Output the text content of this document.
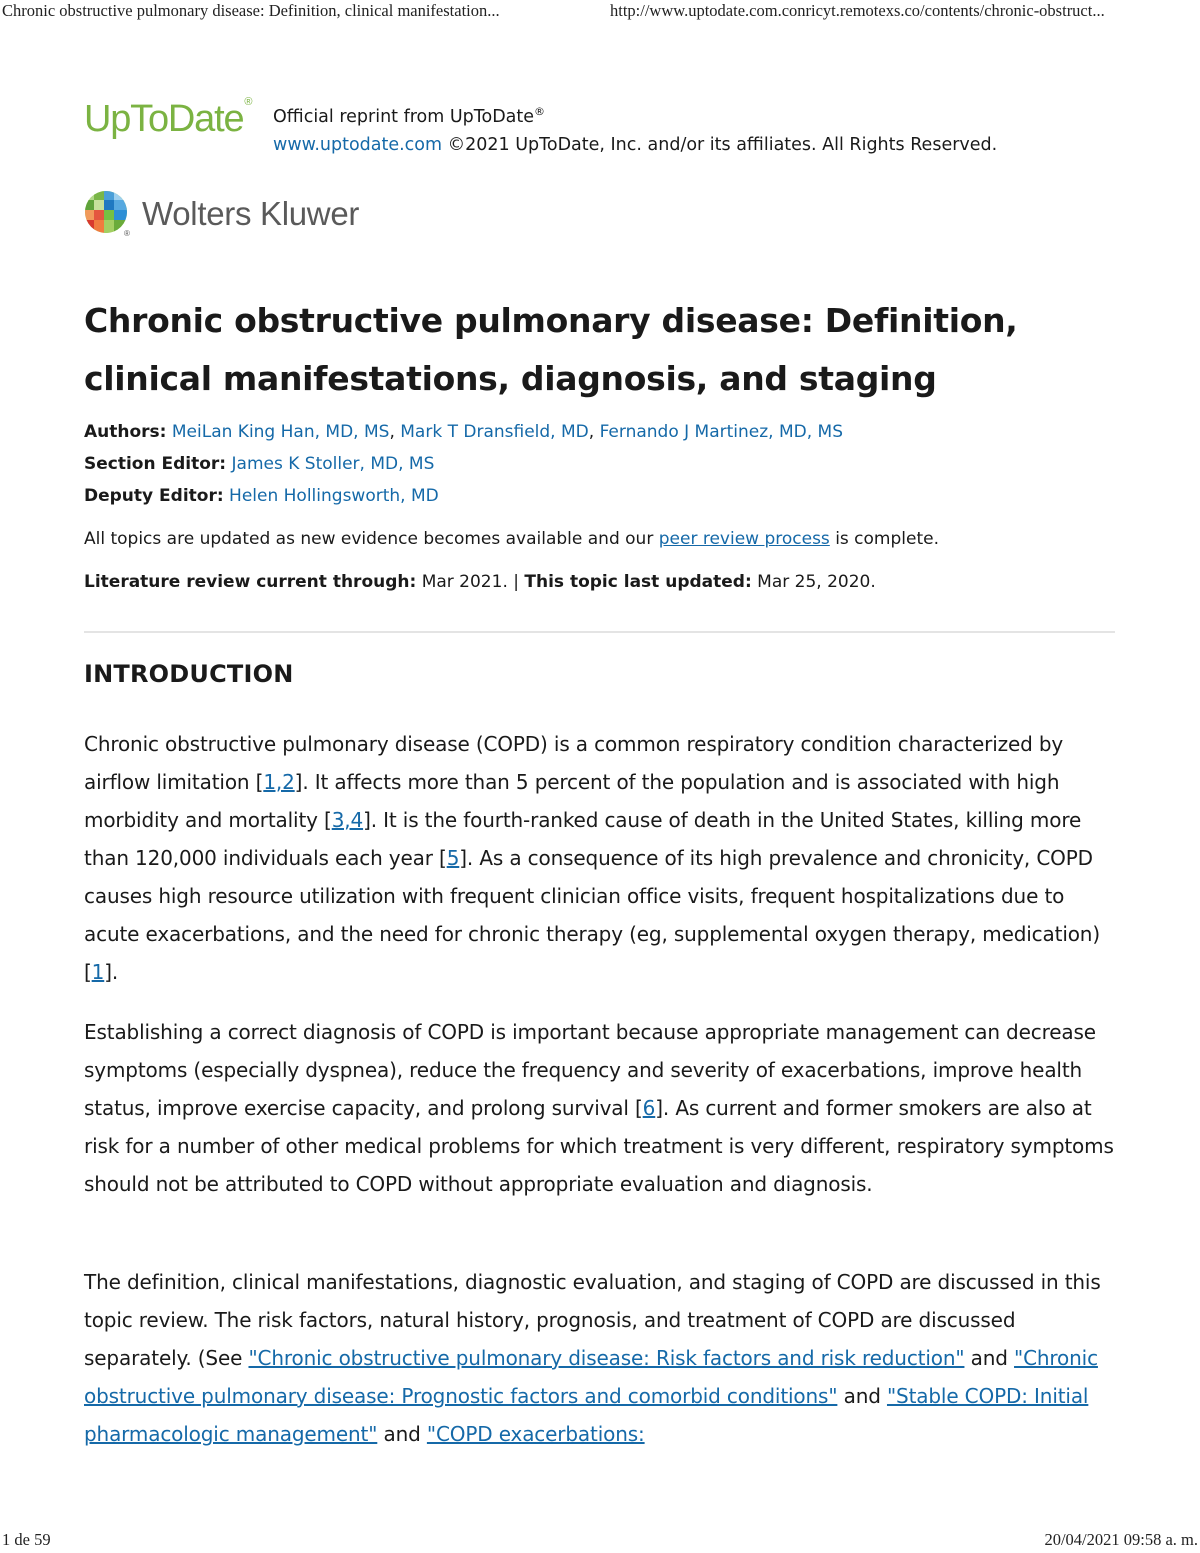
Chronic obstructive pulmonary disease: Definition, clinical manifestation...	http://www.uptodate.com.conricyt.remotexs.co/contents/chronic-obstruct...
UpToDate®
Official reprint from UpToDate®
www.uptodate.com ©2021 UpToDate, Inc. and/or its affiliates. All Rights Reserved.
®
Wolters Kluwer
Chronic obstructive pulmonary disease: Definition, clinical manifestations, diagnosis, and staging
Authors: MeiLan King Han, MD, MS, Mark T Dransfield, MD, Fernando J Martinez, MD, MS
Section Editor: James K Stoller, MD, MS
Deputy Editor: Helen Hollingsworth, MD
All topics are updated as new evidence becomes available and our peer review process is complete.
Literature review current through: Mar 2021. | This topic last updated: Mar 25, 2020.
INTRODUCTION

Chronic obstructive pulmonary disease (COPD) is a common respiratory condition characterized by airflow limitation [1,2]. It affects more than 5 percent of the population and is associated with high morbidity and mortality [3,4]. It is the fourth-ranked cause of death in the United States, killing more than 120,000 individuals each year [5]. As a consequence of its high prevalence and chronicity, COPD causes high resource utilization with frequent clinician office visits, frequent hospitalizations due to acute exacerbations, and the need for chronic therapy (eg, supplemental oxygen therapy, medication) [1].

Establishing a correct diagnosis of COPD is important because appropriate management can decrease symptoms (especially dyspnea), reduce the frequency and severity of exacerbations, improve health status, improve exercise capacity, and prolong survival [6]. As current and former smokers are also at risk for a number of other medical problems for which treatment is very different, respiratory symptoms should not be attributed to COPD without appropriate evaluation and diagnosis.

The definition, clinical manifestations, diagnostic evaluation, and staging of COPD are discussed in this topic review. The risk factors, natural history, prognosis, and treatment of COPD are discussed separately. (See "Chronic obstructive pulmonary disease: Risk factors and risk reduction" and "Chronic obstructive pulmonary disease: Prognostic factors and comorbid conditions" and "Stable COPD: Initial pharmacologic management" and "COPD exacerbations:

1 de 59	20/04/2021 09:58 a. m.
